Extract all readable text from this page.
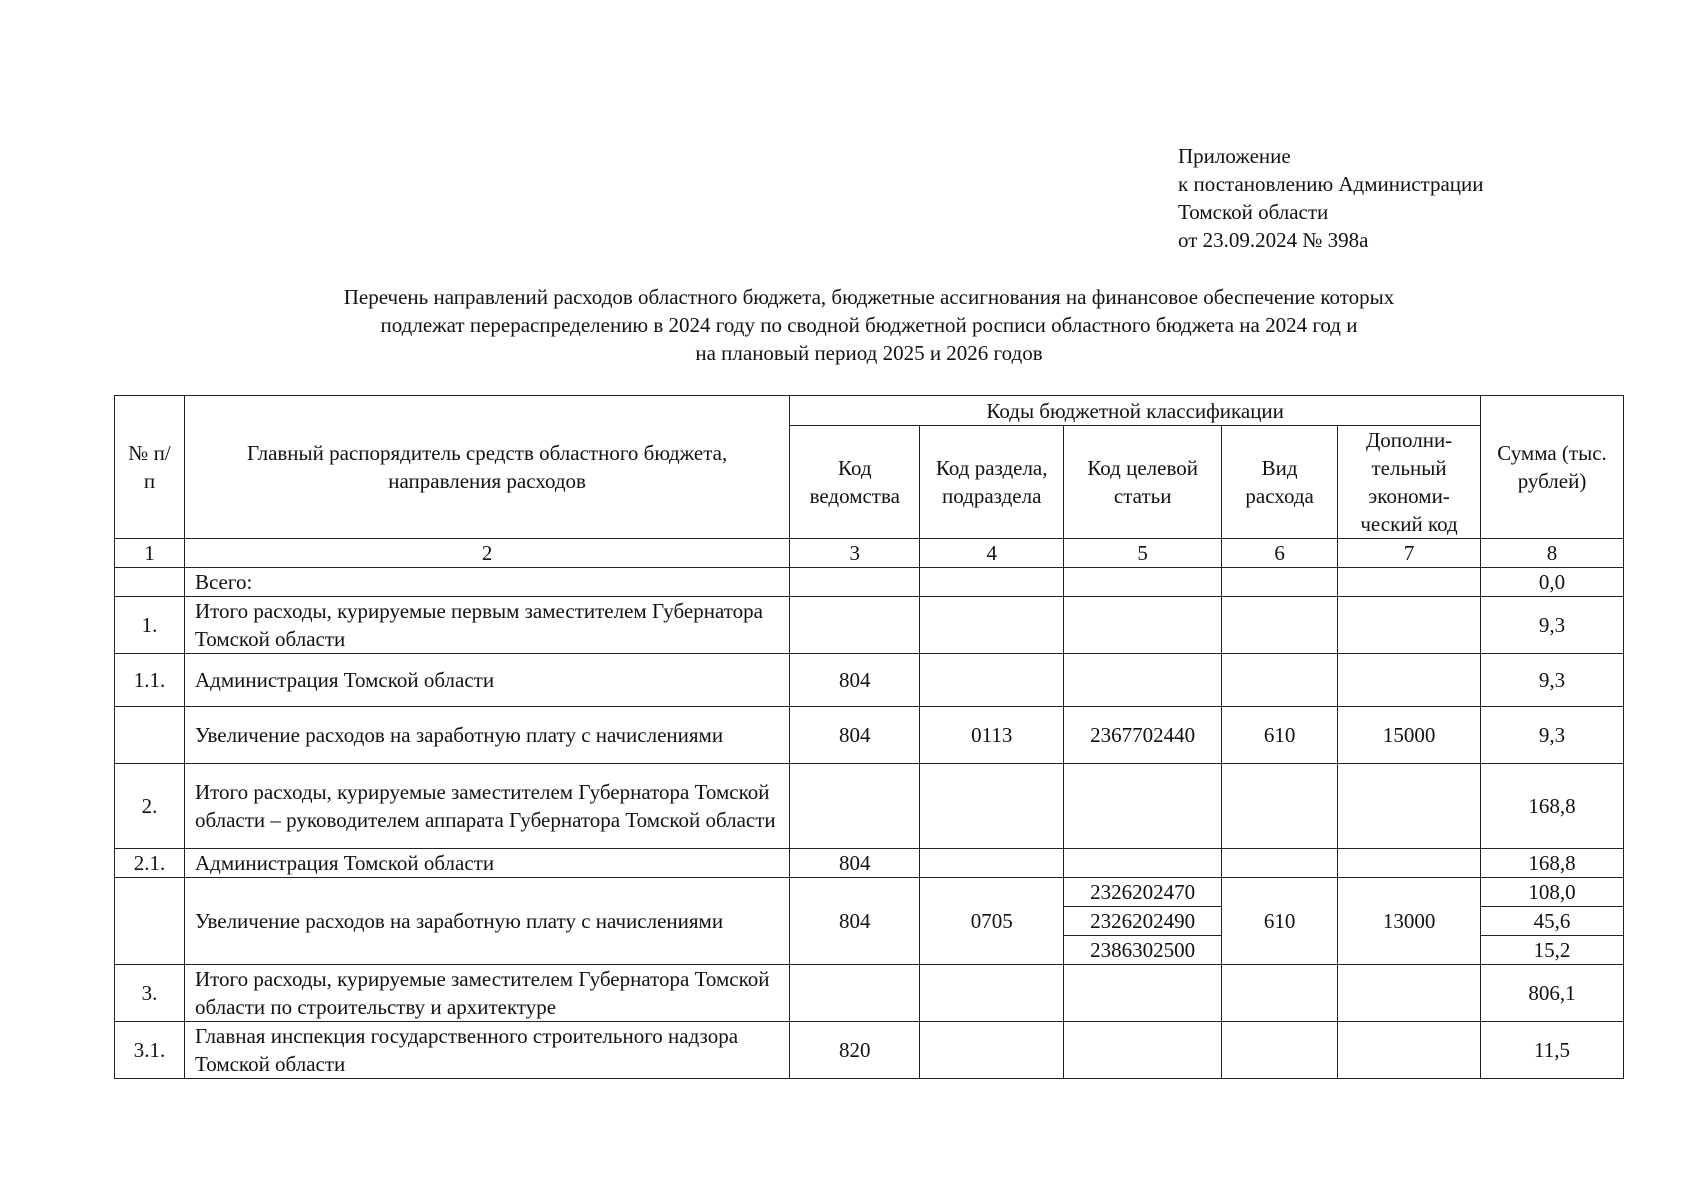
Приложение
к постановлению Администрации
Томской области
от 23.09.2024 № 398а
Перечень направлений расходов областного бюджета, бюджетные ассигнования на финансовое обеспечение которых
подлежат перераспределению в 2024 году по сводной бюджетной росписи областного бюджета на 2024 год и
на плановый период 2025 и 2026 годов
№ п/п	Главный распорядитель средств областного бюджета, направления расходов	Коды бюджетной классификации					Сумма (тыс. рублей)
		Код ведомства	Код раздела, подраздела	Код целевой статьи	Вид расхода	Дополни-тельный экономи-ческий код	
1	2	3	4	5	6	7	8
	Всего:						0,0
1.	Итого расходы, курируемые первым заместителем Губернатора Томской области						9,3
1.1.	Администрация Томской области	804					9,3
	Увеличение расходов на заработную плату с начислениями	804	0113	2367702440	610	15000	9,3
2.	Итого расходы, курируемые заместителем Губернатора Томской области – руководителем аппарата Губернатора Томской области						168,8
2.1.	Администрация Томской области	804					168,8
	Увеличение расходов на заработную плату с начислениями	804	0705	2326202470	610	13000	108,0
				2326202490			45,6
				2386302500			15,2
3.	Итого расходы, курируемые заместителем Губернатора Томской области по строительству и архитектуре						806,1
3.1.	Главная инспекция государственного строительного надзора Томской области	820					11,5
